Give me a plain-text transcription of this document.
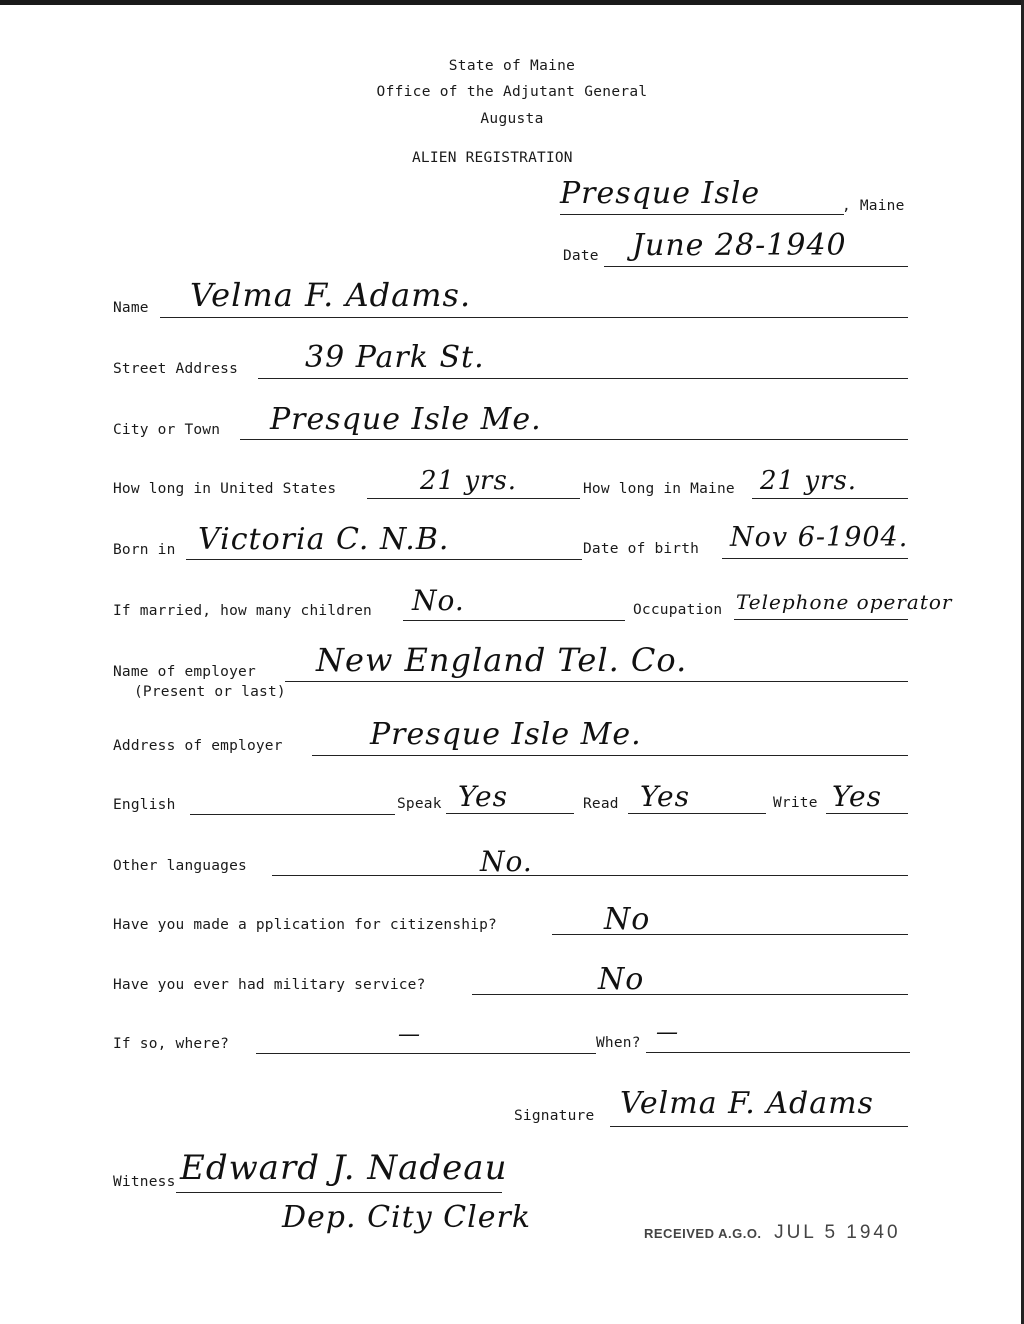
State of Maine
Office of the Adjutant General
Augusta
ALIEN REGISTRATION
Presque Isle	, Maine
Date June 28-1940
Name Velma F. Adams.
Street Address 39 Park St.
City or Town Presque Isle Me.
How long in United States	21 yrs.	How long in Maine 21 yrs.
Born in Victoria C. N.B.	Date of birth Nov 6-1904.
If married, how many children No.	Occupation Telephone operator
Name of employer
(Present or last)
New England Tel. Co.
Address of employer	Presque Isle Me.
English	Speak Yes	Read Yes	Write Yes
Other languages	No.
Have you made a pplication for citizenship?	No
Have you ever had military service?	No
If so, where?	—	When? —
Signature Velma F. Adams
Witness Edward J. Nadeau
Dep. City Clerk	RECEIVED A.G.O. JUL 5 1940
